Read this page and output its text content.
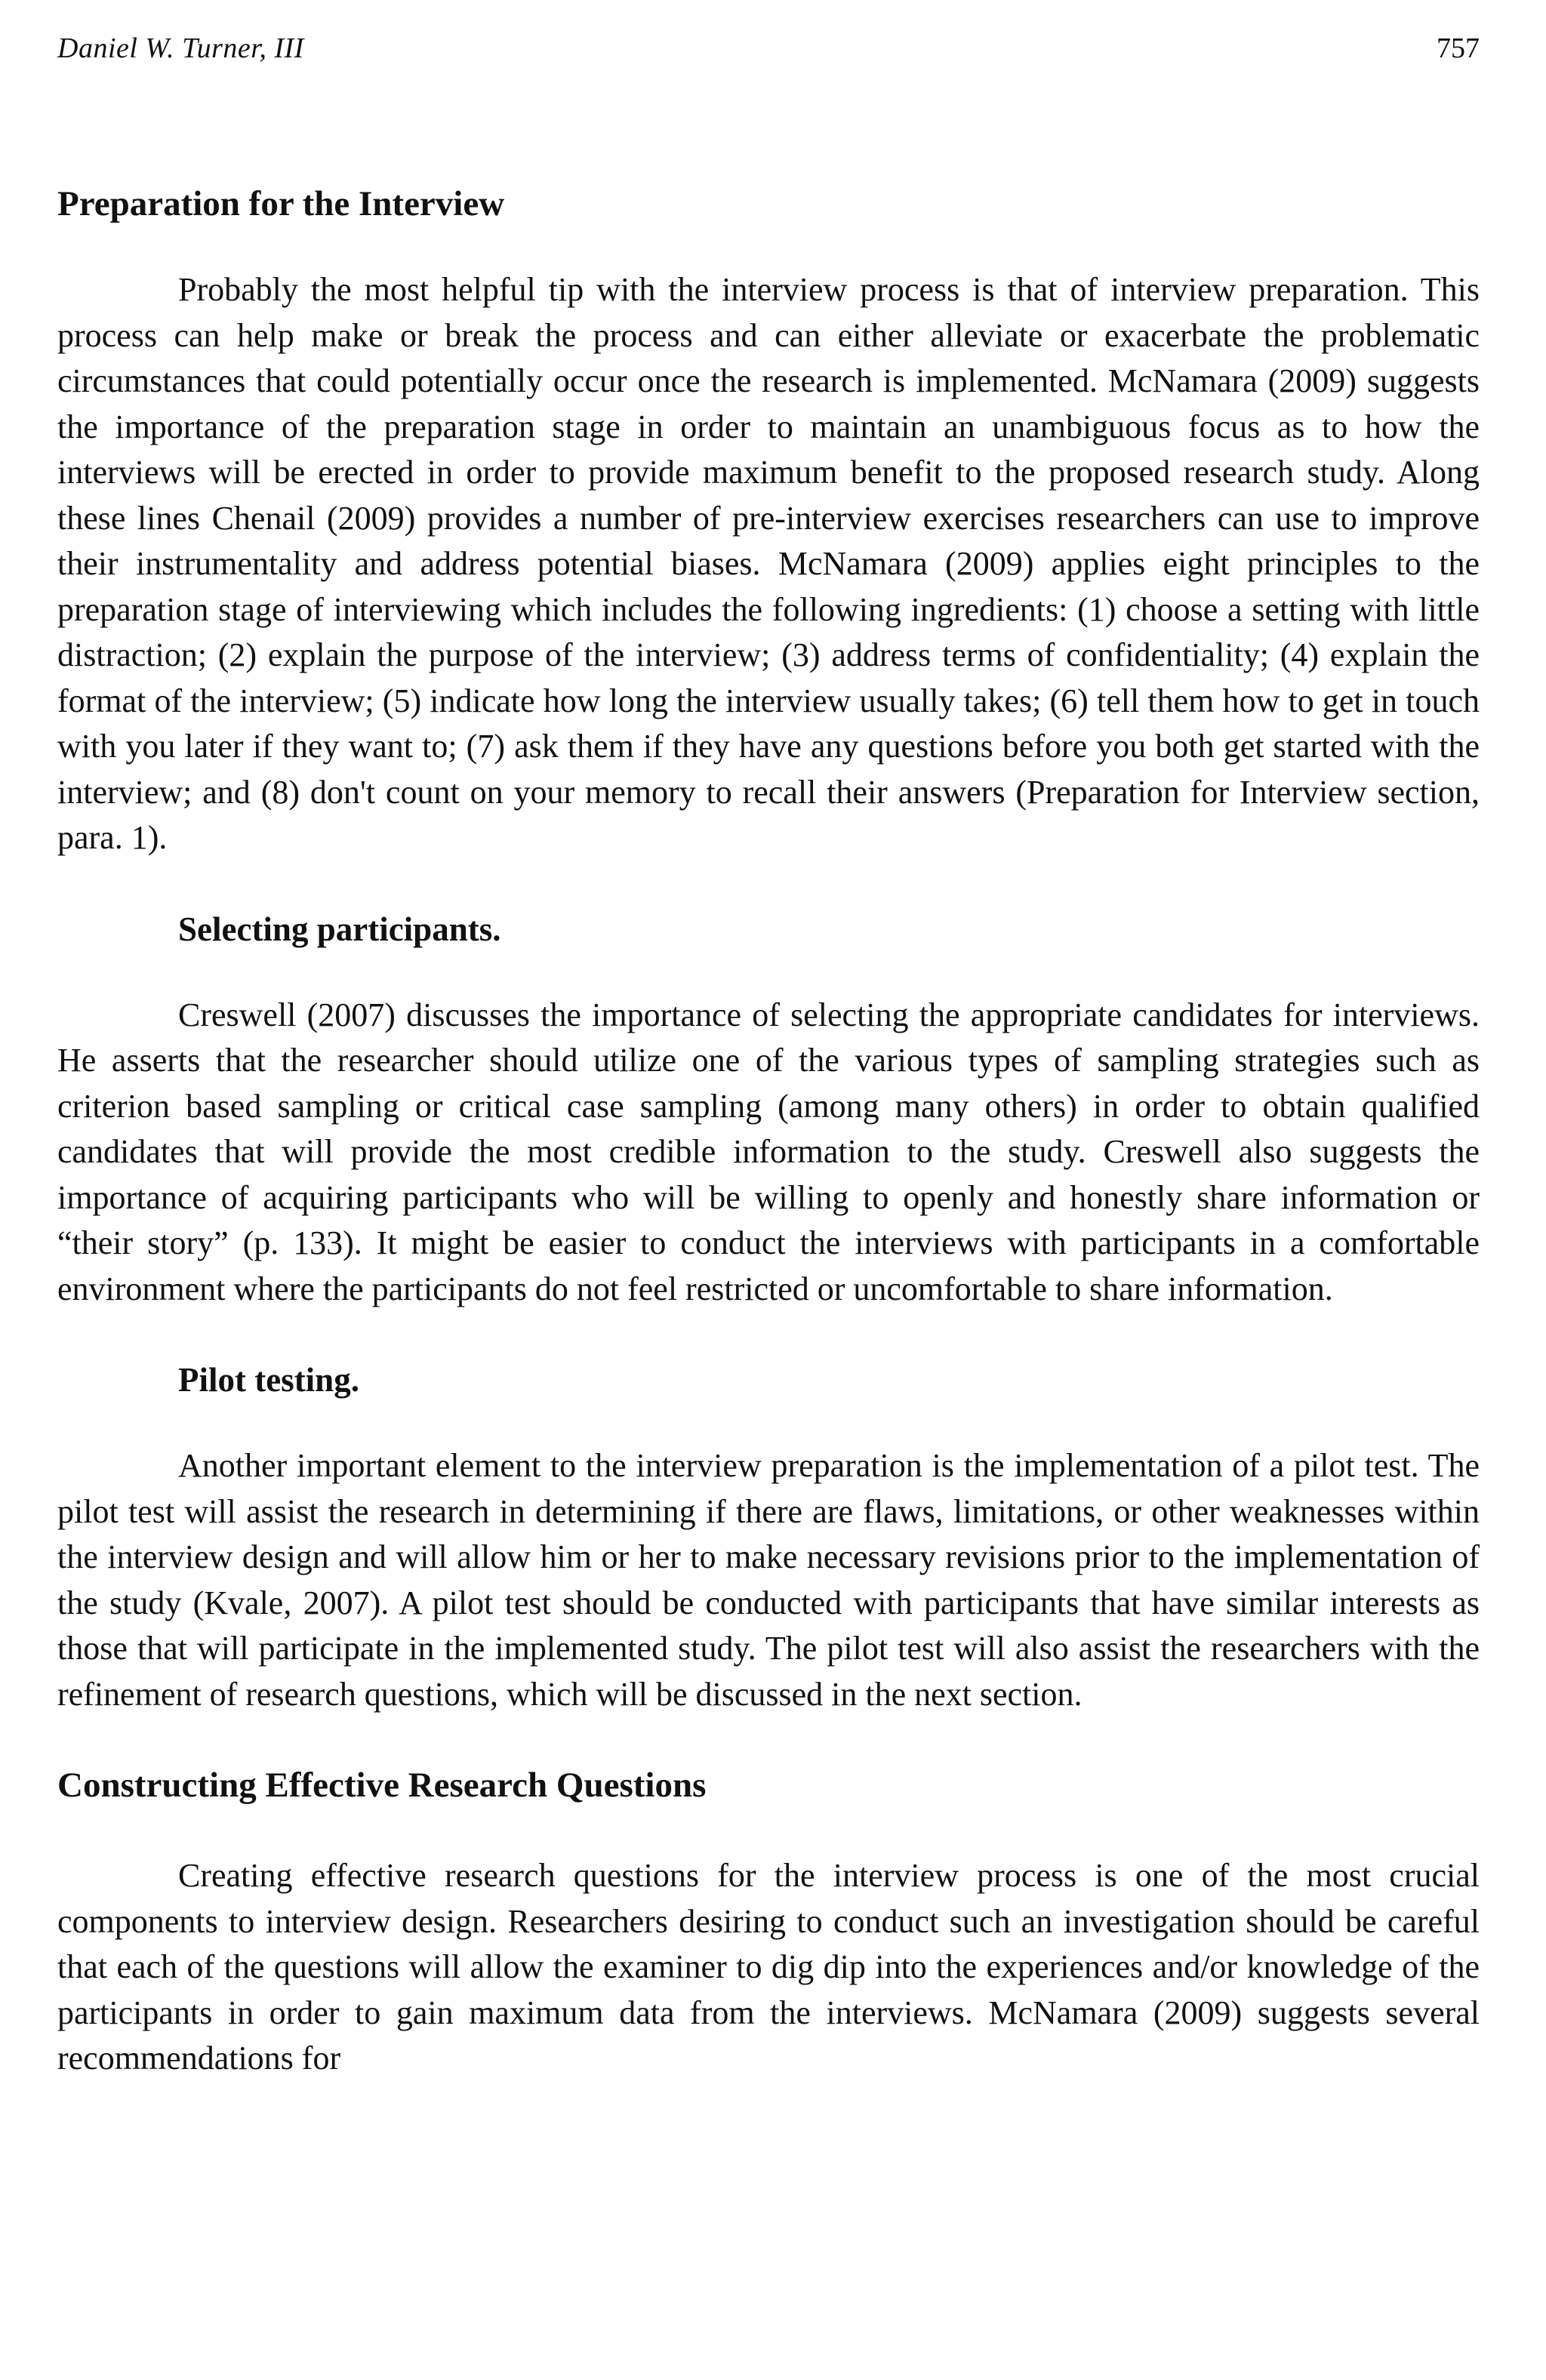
Daniel W. Turner, III	757
Preparation for the Interview

Probably the most helpful tip with the interview process is that of interview preparation. This process can help make or break the process and can either alleviate or exacerbate the problematic circumstances that could potentially occur once the research is implemented. McNamara (2009) suggests the importance of the preparation stage in order to maintain an unambiguous focus as to how the interviews will be erected in order to provide maximum benefit to the proposed research study. Along these lines Chenail (2009) provides a number of pre-interview exercises researchers can use to improve their instrumentality and address potential biases. McNamara (2009) applies eight principles to the preparation stage of interviewing which includes the following ingredients: (1) choose a setting with little distraction; (2) explain the purpose of the interview; (3) address terms of confidentiality; (4) explain the format of the interview; (5) indicate how long the interview usually takes; (6) tell them how to get in touch with you later if they want to; (7) ask them if they have any questions before you both get started with the interview; and (8) don't count on your memory to recall their answers (Preparation for Interview section, para. 1).

Selecting participants.

Creswell (2007) discusses the importance of selecting the appropriate candidates for interviews. He asserts that the researcher should utilize one of the various types of sampling strategies such as criterion based sampling or critical case sampling (among many others) in order to obtain qualified candidates that will provide the most credible information to the study. Creswell also suggests the importance of acquiring participants who will be willing to openly and honestly share information or “their story” (p. 133). It might be easier to conduct the interviews with participants in a comfortable environment where the participants do not feel restricted or uncomfortable to share information.

Pilot testing.

Another important element to the interview preparation is the implementation of a pilot test. The pilot test will assist the research in determining if there are flaws, limitations, or other weaknesses within the interview design and will allow him or her to make necessary revisions prior to the implementation of the study (Kvale, 2007). A pilot test should be conducted with participants that have similar interests as those that will participate in the implemented study. The pilot test will also assist the researchers with the refinement of research questions, which will be discussed in the next section.

Constructing Effective Research Questions

Creating effective research questions for the interview process is one of the most crucial components to interview design. Researchers desiring to conduct such an investigation should be careful that each of the questions will allow the examiner to dig dip into the experiences and/or knowledge of the participants in order to gain maximum data from the interviews. McNamara (2009) suggests several recommendations for
